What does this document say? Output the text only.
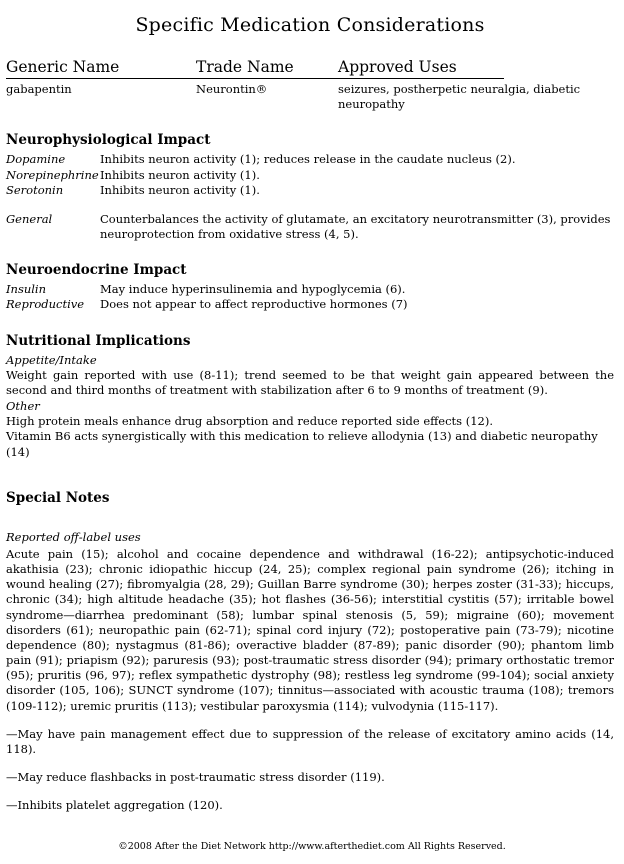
Specific Medication Considerations
Generic Name	Trade Name	Approved Uses
gabapentin	Neurontin®	seizures, postherpetic neuralgia, diabetic neuropathy
Neurophysiological Impact
Dopamine	Inhibits neuron activity (1); reduces release in the caudate nucleus (2).
Norepinephrine Inhibits neuron activity (1).
Serotonin	Inhibits neuron activity (1).
General	Counterbalances the activity of glutamate, an excitatory neurotransmitter (3), provides neuroprotection from oxidative stress (4, 5).
Neuroendocrine Impact
Insulin	May induce hyperinsulinemia and hypoglycemia (6).
Reproductive	Does not appear to affect reproductive hormones (7)
Nutritional Implications
Appetite/Intake

Weight gain reported with use (8-11); trend seemed to be that weight gain appeared between the second and third months of treatment with stabilization after 6 to 9 months of treatment (9).

Other

High protein meals enhance drug absorption and reduce reported side effects (12).

Vitamin B6 acts synergistically with this medication to relieve allodynia (13) and diabetic neuropathy (14)

Special Notes
Reported off-label uses

Acute pain (15); alcohol and cocaine dependence and withdrawal (16-22); antipsychotic-induced akathisia (23); chronic idiopathic hiccup (24, 25); complex regional pain syndrome (26); itching in wound healing (27); fibromyalgia (28, 29); Guillan Barre syndrome (30); herpes zoster (31-33); hiccups, chronic (34); high altitude headache (35); hot flashes (36-56); interstitial cystitis (57); irritable bowel syndrome—diarrhea predominant (58); lumbar spinal stenosis (5, 59); migraine (60); movement disorders (61); neuropathic pain (62-71); spinal cord injury (72); postoperative pain (73-79); nicotine dependence (80); nystagmus (81-86); overactive bladder (87-89); panic disorder (90); phantom limb pain (91); priapism (92); paruresis (93); post-traumatic stress disorder (94); primary orthostatic tremor (95); pruritis (96, 97); reflex sympathetic dystrophy (98); restless leg syndrome (99-104); social anxiety disorder (105, 106); SUNCT syndrome (107); tinnitus—associated with acoustic trauma (108); tremors (109-112); uremic pruritis (113); vestibular paroxysmia (114); vulvodynia (115-117).

—May have pain management effect due to suppression of the release of excitatory amino acids (14, 118).

—May reduce flashbacks in post-traumatic stress disorder (119).

—Inhibits platelet aggregation (120).

©2008 After the Diet Network http://www.afterthediet.com All Rights Reserved.
